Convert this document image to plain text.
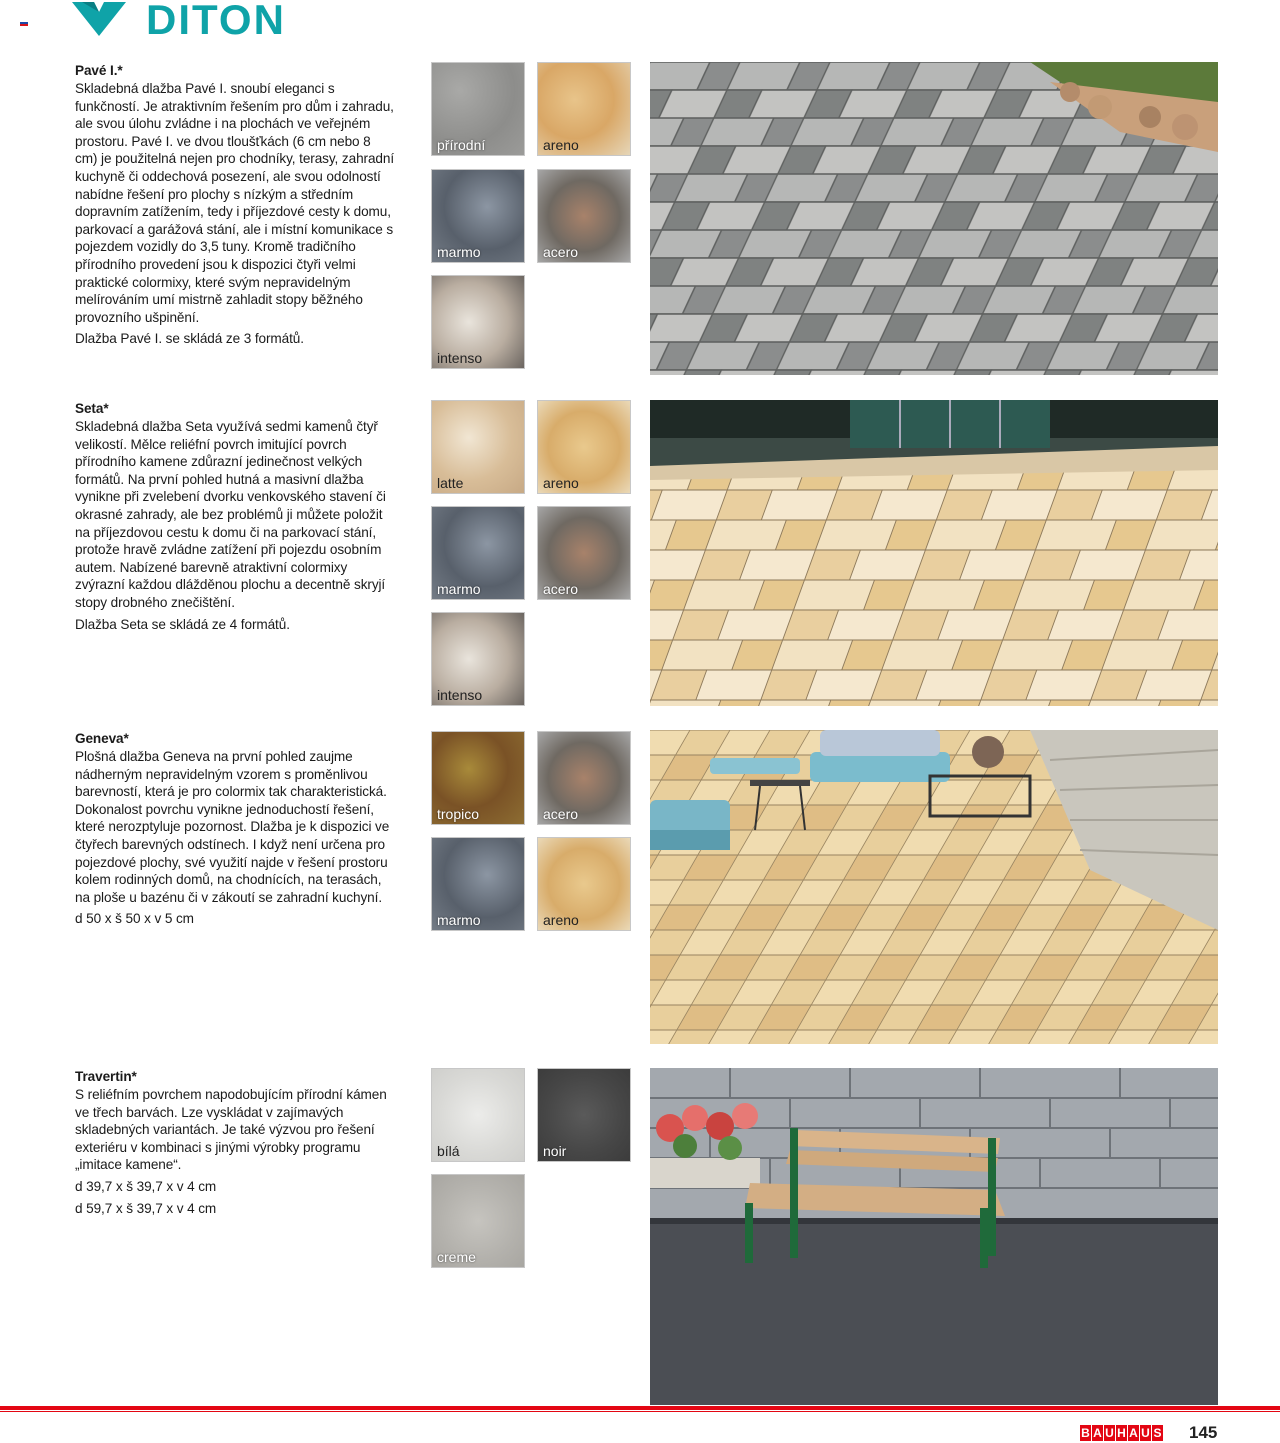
DITON
Pavé I.*

Skladebná dlažba Pavé I. snoubí eleganci s funkčností. Je atraktivním řešením pro dům i zahradu, ale svou úlohu zvládne i na plochách ve veřejném prostoru. Pavé I. ve dvou tloušťkách (6 cm nebo 8 cm) je použitelná nejen pro chodníky, terasy, zahradní kuchyně či oddechová posezení, ale svou odolností nabídne řešení pro plochy s nízkým a středním dopravním zatížením, tedy i příjezdové cesty k domu, parkovací a garážová stání, ale i místní komunikace s pojezdem vozidly do 3,5 tuny. Kromě tradičního přírodního provedení jsou k dispozici čtyři velmi praktické colormixy, které svým nepravidelným melírováním umí mistrně zahladit stopy běžného provozního ušpinění.

Dlažba Pavé I. se skládá ze 3 formátů.

přírodní	areno
marmo	acero
intenso
Seta*

Skladebná dlažba Seta využívá sedmi kamenů čtyř velikostí. Mělce reliéfní povrch imitující povrch přírodního kamene zdůrazní jedinečnost velkých formátů. Na první pohled hutná a masivní dlažba vynikne při zvelebení dvorku venkovského stavení či okrasné zahrady, ale bez problémů ji můžete položit na příjezdovou cestu k domu či na parkovací stání, protože hravě zvládne zatížení při pojezdu osobním autem. Nabízené barevně atraktivní colormixy zvýrazní každou dlážděnou plochu a decentně skryjí stopy drobného znečištění.

Dlažba Seta se skládá ze 4 formátů.

latte	areno
marmo	acero
intenso
Geneva*

Plošná dlažba Geneva na první pohled zaujme nádherným nepravidelným vzorem s proměnlivou barevností, která je pro colormix tak charakteristická. Dokonalost povrchu vynikne jednoduchostí řešení, které nerozptyluje pozornost. Dlažba je k dispozici ve čtyřech barevných odstínech. I když není určena pro pojezdové plochy, své využití najde v řešení prostoru kolem rodinných domů, na chodnících, na terasách, na ploše u bazénu či v zákoutí se zahradní kuchyní.

d 50 x š 50 x v 5 cm

tropico	acero
marmo	areno
Travertin*

S reliéfním povrchem napodobujícím přírodní kámen ve třech barvách. Lze vyskládat v zajímavých skladebných variantách. Je také výzvou pro řešení exteriéru v kombinaci s jinými výrobky programu „imitace kamene“.

d 39,7 x š 39,7 x v 4 cm

d 59,7 x š 39,7 x v 4 cm

bílá	noir
creme
B A U H A U S 145
